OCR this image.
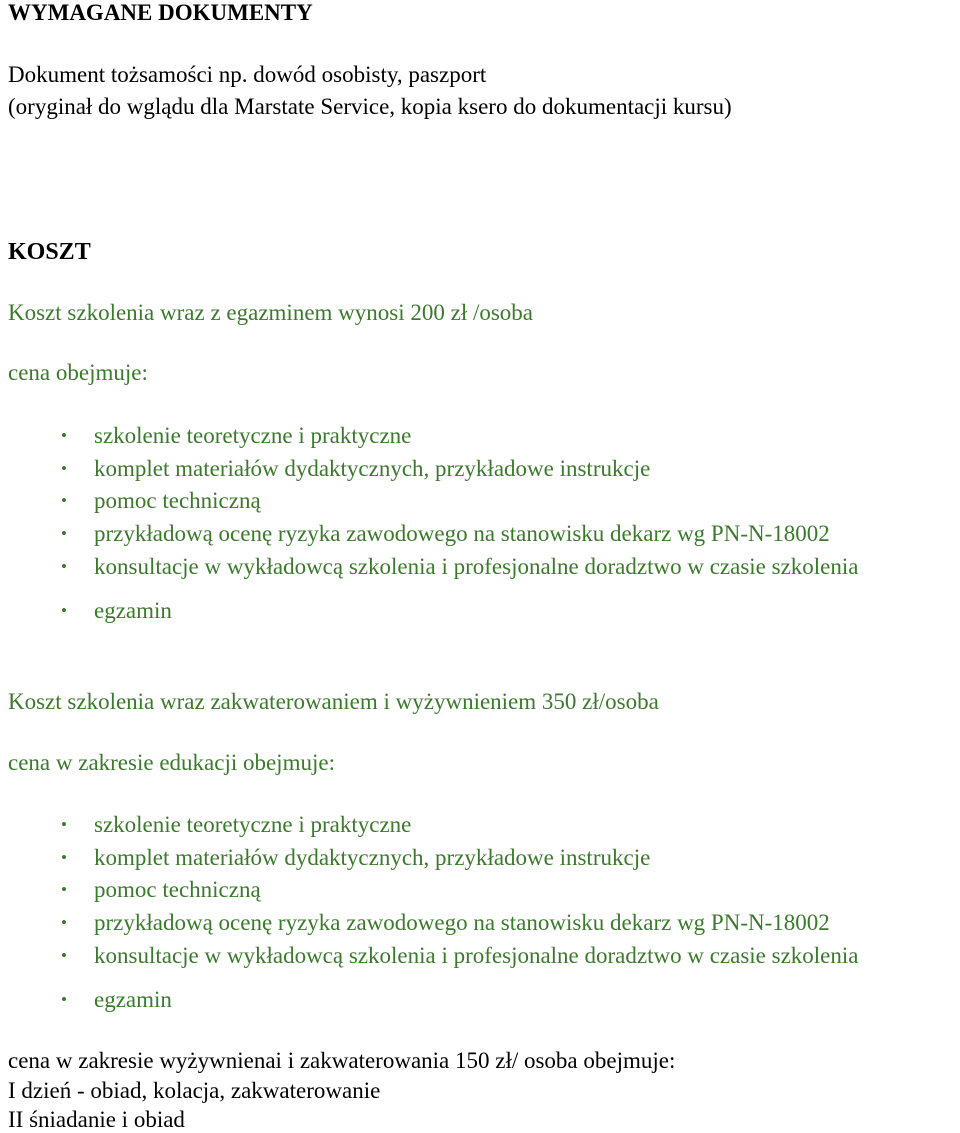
WYMAGANE DOKUMENTY
Dokument tożsamości np. dowód osobisty, paszport
(oryginał do wglądu dla Marstate Service, kopia ksero do dokumentacji kursu)
KOSZT
Koszt szkolenia wraz z egazminem wynosi 200 zł /osoba
cena obejmuje:
•	szkolenie teoretyczne i praktyczne
•	komplet materiałów dydaktycznych, przykładowe instrukcje
•	pomoc techniczną
•	przykładową ocenę ryzyka zawodowego na stanowisku dekarz wg PN-N-18002
•	konsultacje w wykładowcą szkolenia i profesjonalne doradztwo w czasie szkolenia
•	egzamin
Koszt szkolenia wraz zakwaterowaniem i wyżywnieniem 350 zł/osoba
cena w zakresie edukacji obejmuje:
•	szkolenie teoretyczne i praktyczne
•	komplet materiałów dydaktycznych, przykładowe instrukcje
•	pomoc techniczną
•	przykładową ocenę ryzyka zawodowego na stanowisku dekarz wg PN-N-18002
•	konsultacje w wykładowcą szkolenia i profesjonalne doradztwo w czasie szkolenia
•	egzamin
cena w zakresie wyżywnienai i zakwaterowania 150 zł/ osoba obejmuje:
I dzień - obiad, kolacja, zakwaterowanie
II śniadanie i obiad
